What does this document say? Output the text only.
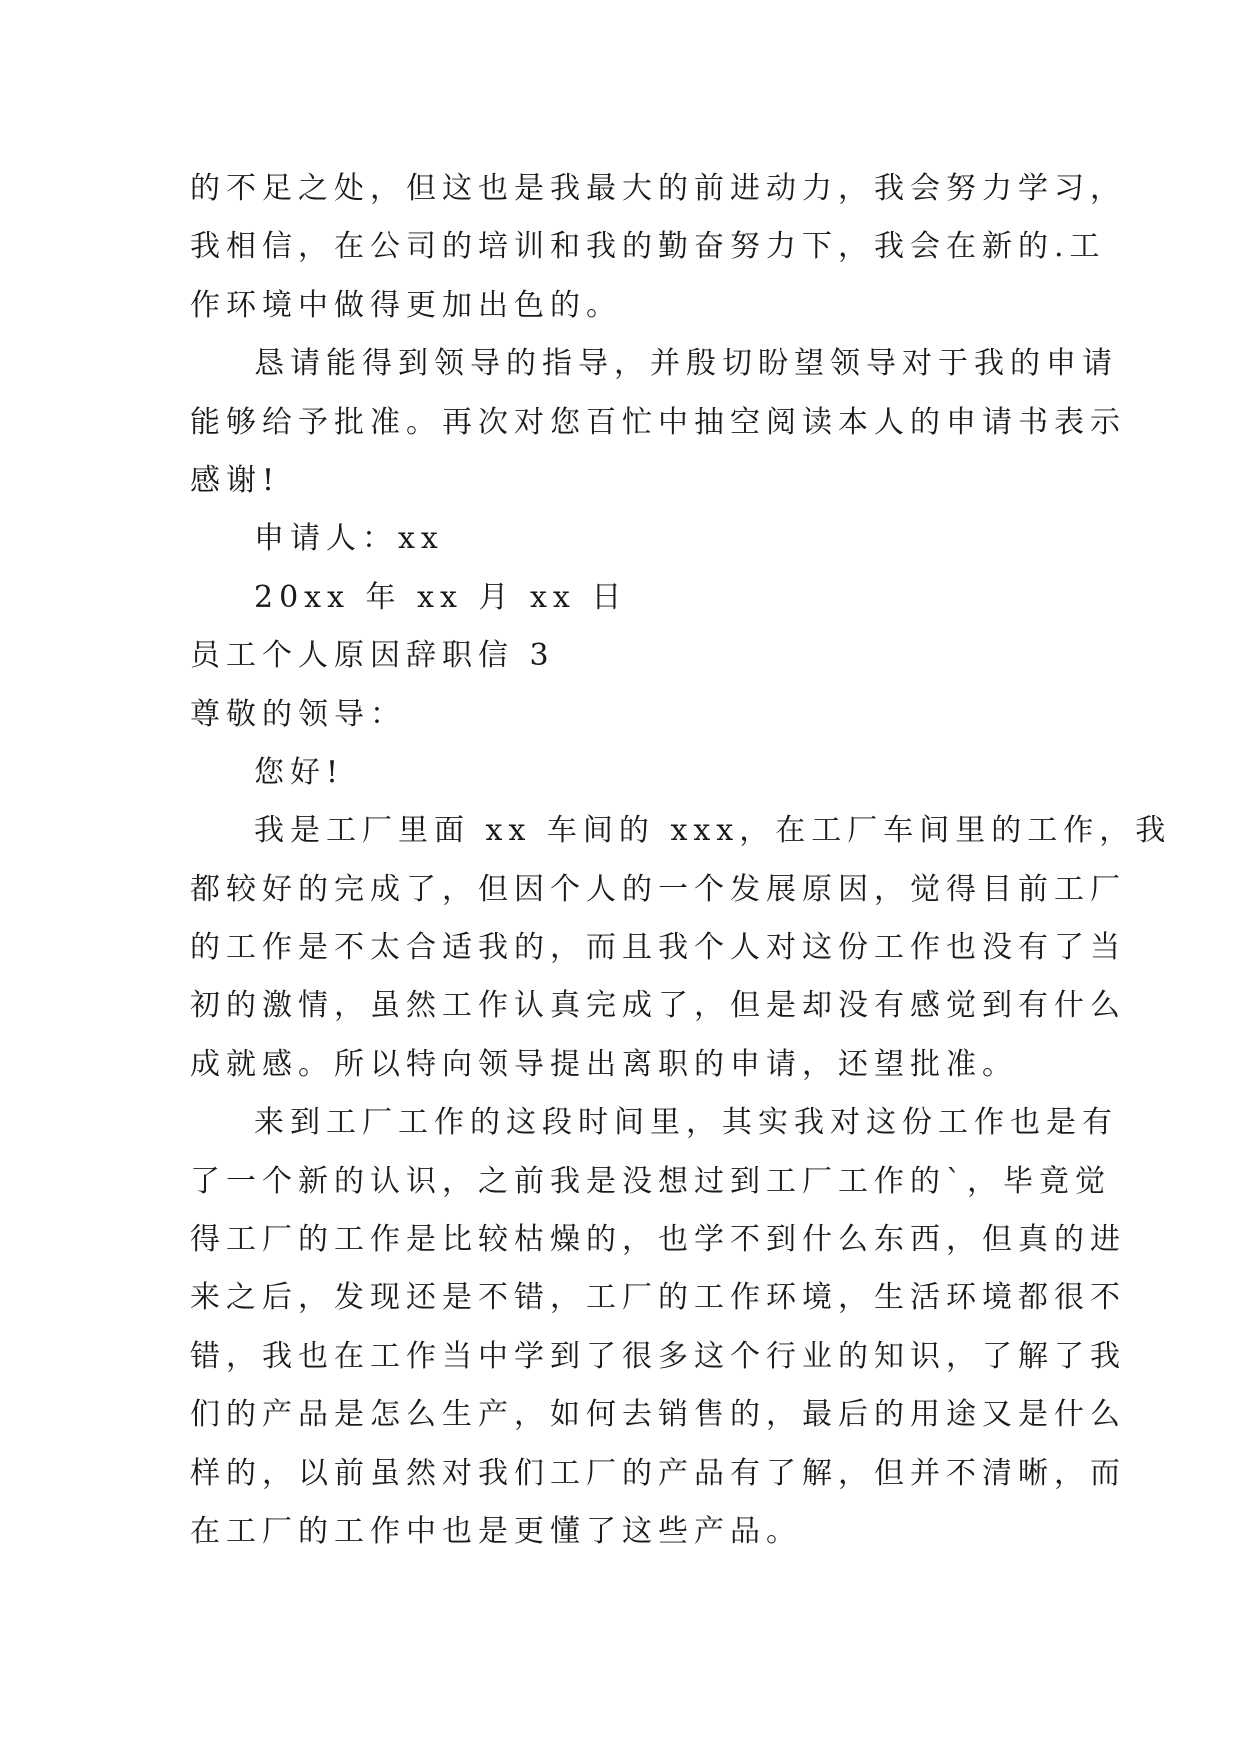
的不足之处，但这也是我最大的前进动力，我会努力学习，
我相信，在公司的培训和我的勤奋努力下，我会在新的.工
作环境中做得更加出色的。
恳请能得到领导的指导，并殷切盼望领导对于我的申请
能够给予批准。再次对您百忙中抽空阅读本人的申请书表示
感谢!
申请人：xx
20xx 年 xx 月 xx 日
员工个人原因辞职信 3
尊敬的领导：
您好!
我是工厂里面 xx 车间的 xxx，在工厂车间里的工作，我
都较好的完成了，但因个人的一个发展原因，觉得目前工厂
的工作是不太合适我的，而且我个人对这份工作也没有了当
初的激情，虽然工作认真完成了，但是却没有感觉到有什么
成就感。所以特向领导提出离职的申请，还望批准。
来到工厂工作的这段时间里，其实我对这份工作也是有
了一个新的认识，之前我是没想过到工厂工作的`，毕竟觉
得工厂的工作是比较枯燥的，也学不到什么东西，但真的进
来之后，发现还是不错，工厂的工作环境，生活环境都很不
错，我也在工作当中学到了很多这个行业的知识，了解了我
们的产品是怎么生产，如何去销售的，最后的用途又是什么
样的，以前虽然对我们工厂的产品有了解，但并不清晰，而
在工厂的工作中也是更懂了这些产品。
